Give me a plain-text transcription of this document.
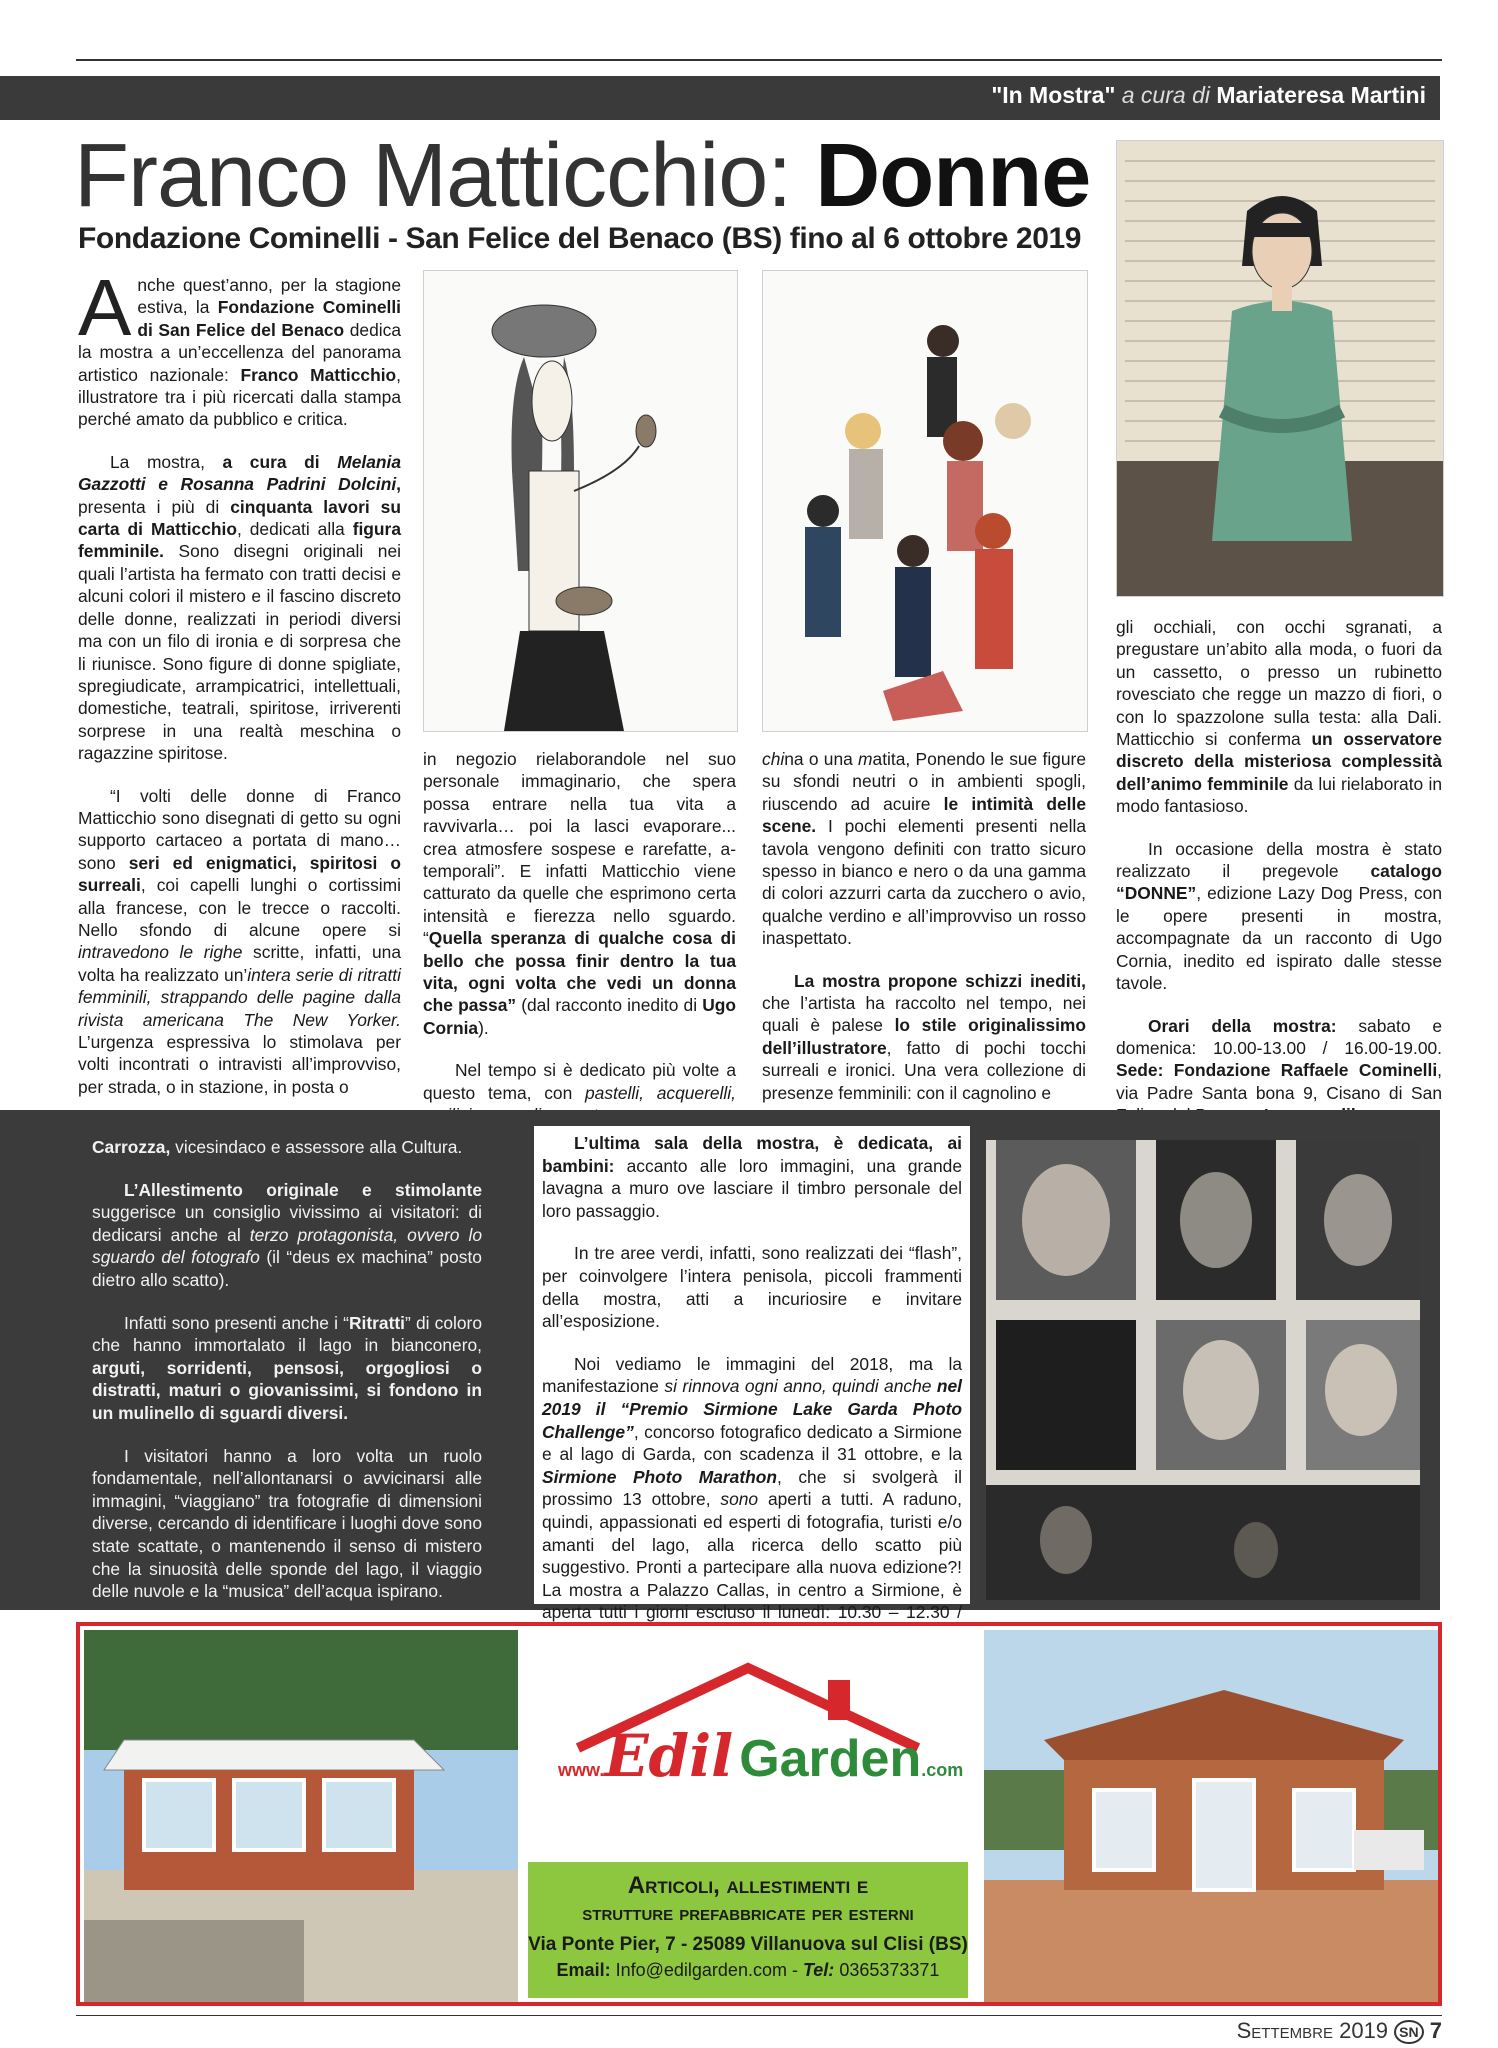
"In Mostra" a cura di Mariateresa Martini
Franco Matticchio: Donne
Fondazione Cominelli - San Felice del Benaco (BS) fino al 6 ottobre 2019

Anche quest’anno, per la stagione estiva, la Fondazione Cominelli di San Felice del Benaco dedica la mostra a un’eccellenza del panorama artistico nazionale: Franco Matticchio, illustratore tra i più ricercati dalla stampa perché amato da pubblico e critica.

La mostra, a cura di Melania Gazzotti e Rosanna Padrini Dolcini, presenta i più di cinquanta lavori su carta di Matticchio, dedicati alla figura femminile. Sono disegni originali nei quali l’artista ha fermato con tratti decisi e alcuni colori il mistero e il fascino discreto delle donne, realizzati in periodi diversi ma con un filo di ironia e di sorpresa che li riunisce. Sono figure di donne spigliate, spregiudicate, arrampicatrici, intellettuali, domestiche, teatrali, spiritose, irriverenti sorprese in una realtà meschina o ragazzine spiritose.

“I volti delle donne di Franco Matticchio sono disegnati di getto su ogni supporto cartaceo a portata di mano… sono seri ed enigmatici, spiritosi o surreali, coi capelli lunghi o cortissimi alla francese, con le trecce o raccolti. Nello sfondo di alcune opere si intravedono le righe scritte, infatti, una volta ha realizzato un’intera serie di ritratti femminili, strappando delle pagine dalla rivista americana The New Yorker. L’urgenza espressiva lo stimolava per volti incontrati o intravisti all’improvviso, per strada, o in stazione, in posta o

in negozio rielaborandole nel suo personale immaginario, che spera possa entrare nella tua vita a ravvivarla… poi la lasci evaporare... crea atmosfere sospese e rarefatte, a-temporali”. E infatti Matticchio viene catturato da quelle che esprimono certa intensità e fierezza nello sguardo. “Quella speranza di qualche cosa di bello che possa finir dentro la tua vita, ogni volta che vedi un donna che passa” (dal racconto inedito di Ugo Cornia).

Nel tempo si è dedicato più volte a questo tema, con pastelli, acquerelli,

china o una matita, Ponendo le sue figure su sfondi neutri o in ambienti spogli, riuscendo ad acuire le intimità delle scene. I pochi elementi presenti nella tavola vengono definiti con tratto sicuro spesso in bianco e nero o da una gamma di colori azzurri carta da zucchero o avio, qualche verdino e all’improvviso un rosso inaspettato.

La mostra propone schizzi inediti, che l’artista ha raccolto nel tempo, nei quali è palese lo stile originalissimo dell’illustratore, fatto di pochi tocchi surreali e ironici. Una vera collezione di presenze femminili: con il cagnolino e

gli occhiali, con occhi sgranati, a pregustare un’abito alla moda, o fuori da un cassetto, o presso un rubinetto rovesciato che regge un mazzo di fiori, o con lo spazzolone sulla testa: alla Dali. Matticchio si conferma un osservatore discreto della misteriosa complessità dell’animo femminile da lui rielaborato in modo fantasioso.

In occasione della mostra è stato realizzato il pregevole catalogo “DONNE”, edizione Lazy Dog Press, con le opere presenti in mostra, accompagnate da un racconto di Ugo Cornia, inedito ed ispirato dalle stesse tavole.

Orari della mostra: sabato e domenica: 10.00-13.00 / 16.00-19.00. Sede: Fondazione Raffaele Cominelli, via Padre Santa bona 9, Cisano di San

Carrozza, vicesindaco e assessore alla Cultura.

L’Allestimento originale e stimolante suggerisce un consiglio vivissimo ai visitatori: di dedicarsi anche al terzo protagonista, ovvero lo sguardo del fotografo (il “deus ex machina” posto dietro allo scatto).

Infatti sono presenti anche i “Ritratti” di coloro che hanno immortalato il lago in bianconero, arguti, sorridenti, pensosi, orgogliosi o distratti, maturi o giovanissimi, si fondono in un mulinello di sguardi diversi.

I visitatori hanno a loro volta un ruolo fondamentale, nell’allontanarsi o avvicinarsi alle immagini, “viaggiano” tra fotografie di dimensioni diverse, cercando di identificare i luoghi dove sono state scattate, o mantenendo il senso di mistero che la sinuosità delle sponde del lago, il viaggio delle nuvole e la “musica” dell’acqua ispirano.

L’ultima sala della mostra, è dedicata, ai bambini: accanto alle loro immagini, una grande lavagna a muro ove lasciare il timbro personale del loro passaggio.

In tre aree verdi, infatti, sono realizzati dei “flash”, per coinvolgere l’intera penisola, piccoli frammenti della mostra, atti a incuriosire e invitare all’esposizione.

Noi vediamo le immagini del 2018, ma la manifestazione si rinnova ogni anno, quindi anche nel 2019 il “Premio Sirmione Lake Garda Photo Challenge”, concorso fotografico dedicato a Sirmione e al lago di Garda, con scadenza il 31 ottobre, e la Sirmione Photo Marathon, che si svolgerà il prossimo 13 ottobre, sono aperti a tutti. A raduno, quindi, appassionati ed esperti di fotografia, turisti e/o amanti del lago, alla ricerca dello scatto più suggestivo. Pronti a partecipare alla nuova edizione?! La mostra a Palazzo Callas, in centro a Sirmione, è aperta tutti i giorni escluso il lunedì: 10.30 – 12.30 /

www.Edil Garden.com
Articoli, allestimenti e
strutture prefabbricate per esterni
Via Ponte Pier, 7 - 25089 Villanuova sul Clisi (BS)
Email: Info@edilgarden.com - Tel: 0365373371
Settembre 2019 SN 7
